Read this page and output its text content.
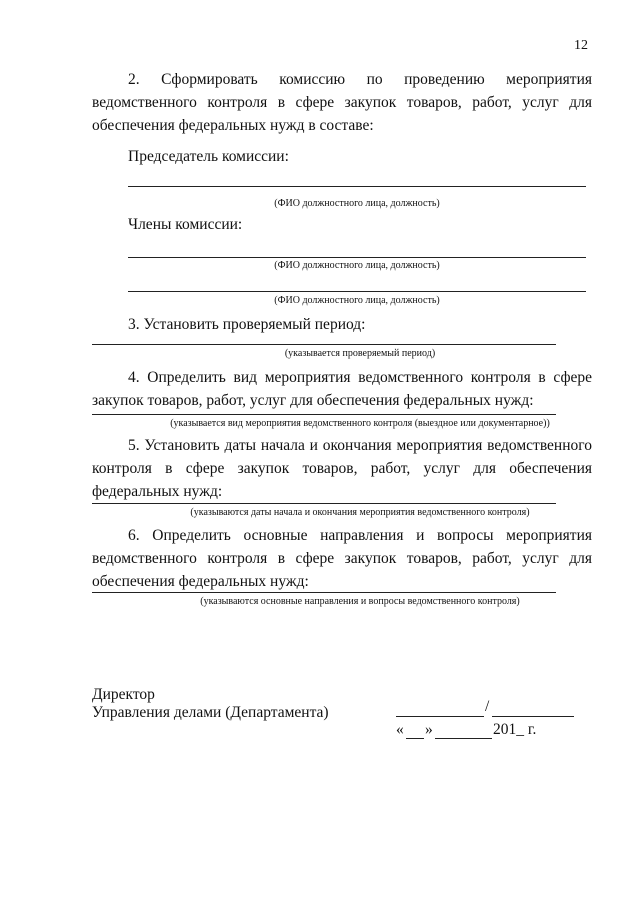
12
2. Сформировать комиссию по проведению мероприятия
ведомственного контроля в сфере закупок товаров, работ, услуг для
обеспечения федеральных нужд в составе:
Председатель комиссии:
(ФИО должностного лица, должность)
Члены комиссии:
(ФИО должностного лица, должность)
(ФИО должностного лица, должность)
3. Установить проверяемый период:
(указывается проверяемый период)
4. Определить вид мероприятия ведомственного контроля в сфере
закупок товаров, работ, услуг для обеспечения федеральных нужд:
(указывается вид мероприятия ведомственного контроля (выездное или документарное))
5. Установить даты начала и окончания мероприятия ведомственного
контроля в сфере закупок товаров, работ, услуг для обеспечения
федеральных нужд:
(указываются даты начала и окончания мероприятия ведомственного контроля)
6. Определить основные направления и вопросы мероприятия
ведомственного контроля в сфере закупок товаров, работ, услуг для
обеспечения федеральных нужд:
(указываются основные направления и вопросы ведомственного контроля)
Директор
Управления делами (Департамента)	/
« »	201_ г.
